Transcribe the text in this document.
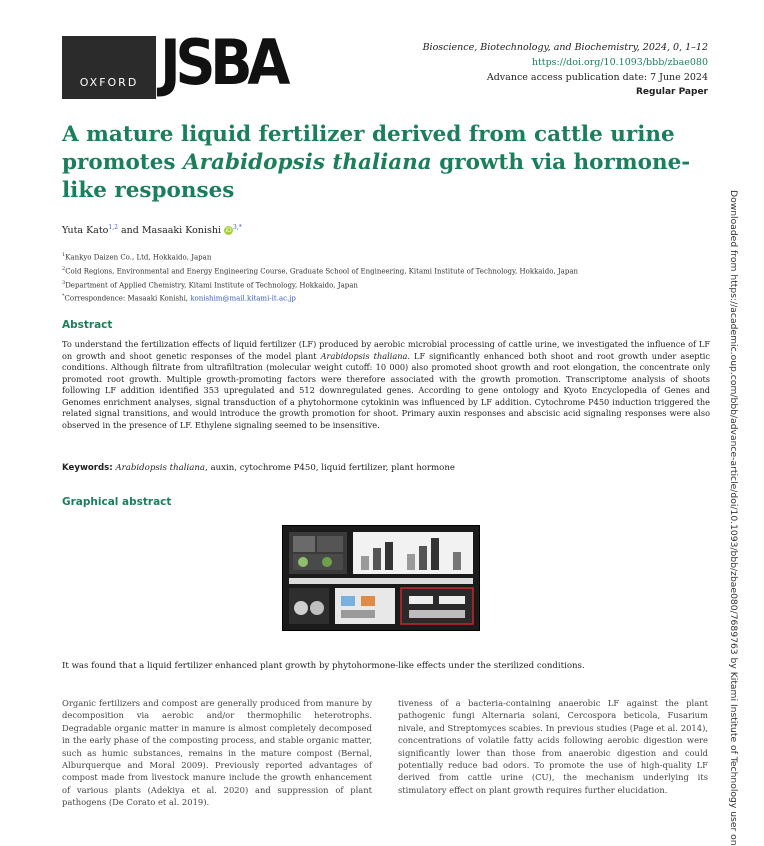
OXFORD JSBA	Bioscience, Biotechnology, and Biochemistry, 2024, 0, 1–12
https://doi.org/10.1093/bbb/zbae080
Advance access publication date: 7 June 2024
Regular Paper
A mature liquid fertilizer derived from cattle urine promotes Arabidopsis thaliana growth via hormone-like responses
Yuta Kato$^{1,2}$ and Masaaki Konishi $iD^{3,*}$
$^1$Kankyo Daizen Co., Ltd, Hokkaido, Japan
$^2$Cold Regions, Environmental and Energy Engineering Course, Graduate School of Engineering, Kitami Institute of Technology, Hokkaido, Japan
$^3$Department of Applied Chemistry, Kitami Institute of Technology, Hokkaido, Japan
*Correspondence: Masaaki Konishi, konishim@mail.kitami-it.ac.jp
Abstract

To understand the fertilization effects of liquid fertilizer (LF) produced by aerobic microbial processing of cattle urine, we investigated the influence of LF on growth and shoot genetic responses of the model plant Arabidopsis thaliana. LF significantly enhanced both shoot and root growth under aseptic conditions. Although filtrate from ultrafiltration (molecular weight cutoff: 10 000) also promoted shoot growth and root elongation, the concentrate only promoted root growth. Multiple growth-promoting factors were therefore associated with the growth promotion. Transcriptome analysis of shoots following LF addition identified 353 upregulated and 512 downregulated genes. According to gene ontology and Kyoto Encyclopedia of Genes and Genomes enrichment analyses, signal transduction of a phytohormone cytokinin was influenced by LF addition. Cytochrome P450 induction triggered the related signal transitions, and would introduce the growth promotion for shoot. Primary auxin responses and abscisic acid signaling responses were also observed in the presence of LF. Ethylene signaling seemed to be insensitive.

Keywords: Arabidopsis thaliana, auxin, cytochrome P450, liquid fertilizer, plant hormone
Graphical abstract
It was found that a liquid fertilizer enhanced plant growth by phytohormone-like effects under the sterilized conditions.

Organic fertilizers and compost are generally produced from manure by decomposition via aerobic and/or thermophilic heterotrophs. Degradable organic matter in manure is almost completely decomposed in the early phase of the composting process, and stable organic matter, such as humic substances, remains in the mature compost (Bernal, Alburquerque and Moral 2009). Previously reported advantages of compost made from livestock manure include the growth enhancement of various plants (Adekiya et al. 2020) and suppression of plant pathogens (De Corato et al. 2019).

tiveness of a bacteria-containing anaerobic LF against the plant pathogenic fungi Alternaria solani, Cercospora beticola, Fusarium nivale, and Streptomyces scabies. In previous studies (Page et al. 2014), concentrations of volatile fatty acids following aerobic digestion were significantly lower than those from anaerobic digestion and could potentially reduce bad odors. To promote the use of high-quality LF derived from cattle urine (CU), the mechanism underlying its stimulatory effect on plant growth requires further elucidation.	Downloaded from https://academic.oup.com/bbb/advance-article/doi/10.1093/bbb/zbae080/7689763 by Kitami Institute of Technology user on
